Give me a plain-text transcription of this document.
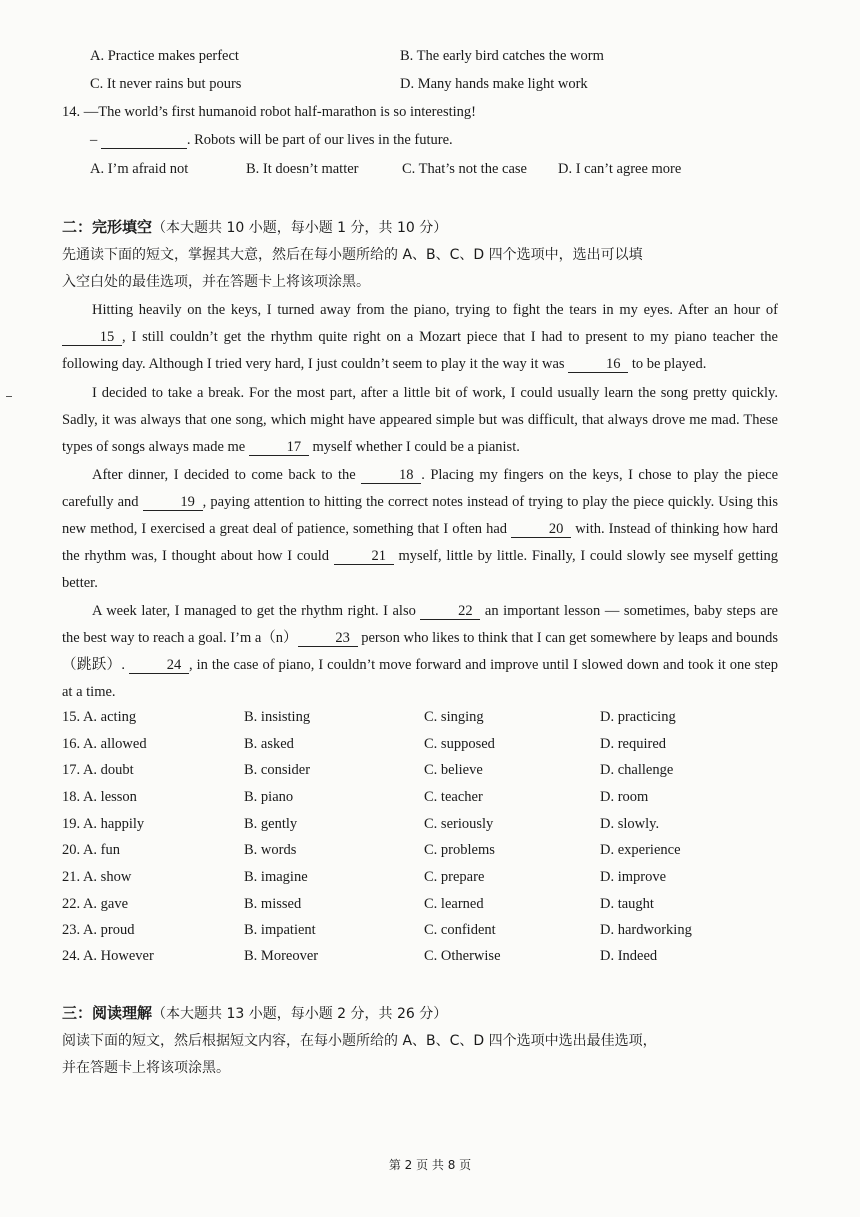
A. Practice makes perfect	B. The early bird catches the worm
C. It never rains but pours	D. Many hands make light work
14. —The world’s first humanoid robot half-marathon is so interesting!
–	. Robots will be part of our lives in the future.
A. I’m afraid not	B. It doesn’t matter	C. That’s not the case D. I can’t agree more
二：完形填空（本大题共 10 小题，每小题 1 分，共 10 分）
先通读下面的短文，掌握其大意，然后在每小题所给的 A、B、C、D 四个选项中，选出可以填
入空白处的最佳选项，并在答题卡上将该项涂黑。
Hitting heavily on the keys, I turned away from the piano, trying to fight the tears in my eyes. After an hour of 15 , I still couldn’t get the rhythm quite right on a Mozart piece that I had to present to my piano teacher the following day. Although I tried very hard, I just couldn’t seem to play it the way it was	16 to be played.
I decided to take a break. For the most part, after a little bit of work, I could usually learn the song pretty quickly. Sadly, it was always that one song, which might have appeared simple but was difficult, that always drove me mad. These types of songs always made me	17 myself whether I could be a pianist.
After dinner, I decided to come back to the	18 . Placing my fingers on the keys, I chose to play the piece carefully and	19 , paying attention to hitting the correct notes instead of trying to play the piece quickly. Using this new method, I exercised a great deal of patience, something that I often had	20 with. Instead of thinking how hard the rhythm was, I thought about how I could	21 myself, little by little. Finally, I could slowly see myself getting better.
A week later, I managed to get the rhythm right. I also	22 an important lesson — sometimes, baby steps are the best way to reach a goal. I’m a（n）	23 person who likes to think that I can get somewhere by leaps and bounds（跳跃）.	24 , in the case of piano, I couldn’t move forward and improve until I slowed down and took it one step at a time.
15. A. acting	B. insisting	C. singing	D. practicing
16. A. allowed	B. asked	C. supposed	D. required
17. A. doubt	B. consider	C. believe	D. challenge
18. A. lesson	B. piano	C. teacher	D. room
19. A. happily	B. gently	C. seriously	D. slowly.
20. A. fun	B. words	C. problems	D. experience
21. A. show	B. imagine	C. prepare	D. improve
22. A. gave	B. missed	C. learned	D. taught
23. A. proud	B. impatient	C. confident	D. hardworking
24. A. However	B. Moreover	C. Otherwise	D. Indeed
三：阅读理解（本大题共 13 小题，每小题 2 分，共 26 分）
阅读下面的短文，然后根据短文内容，在每小题所给的 A、B、C、D 四个选项中选出最佳选项，
并在答题卡上将该项涂黑。
第 2 页 共 8 页
